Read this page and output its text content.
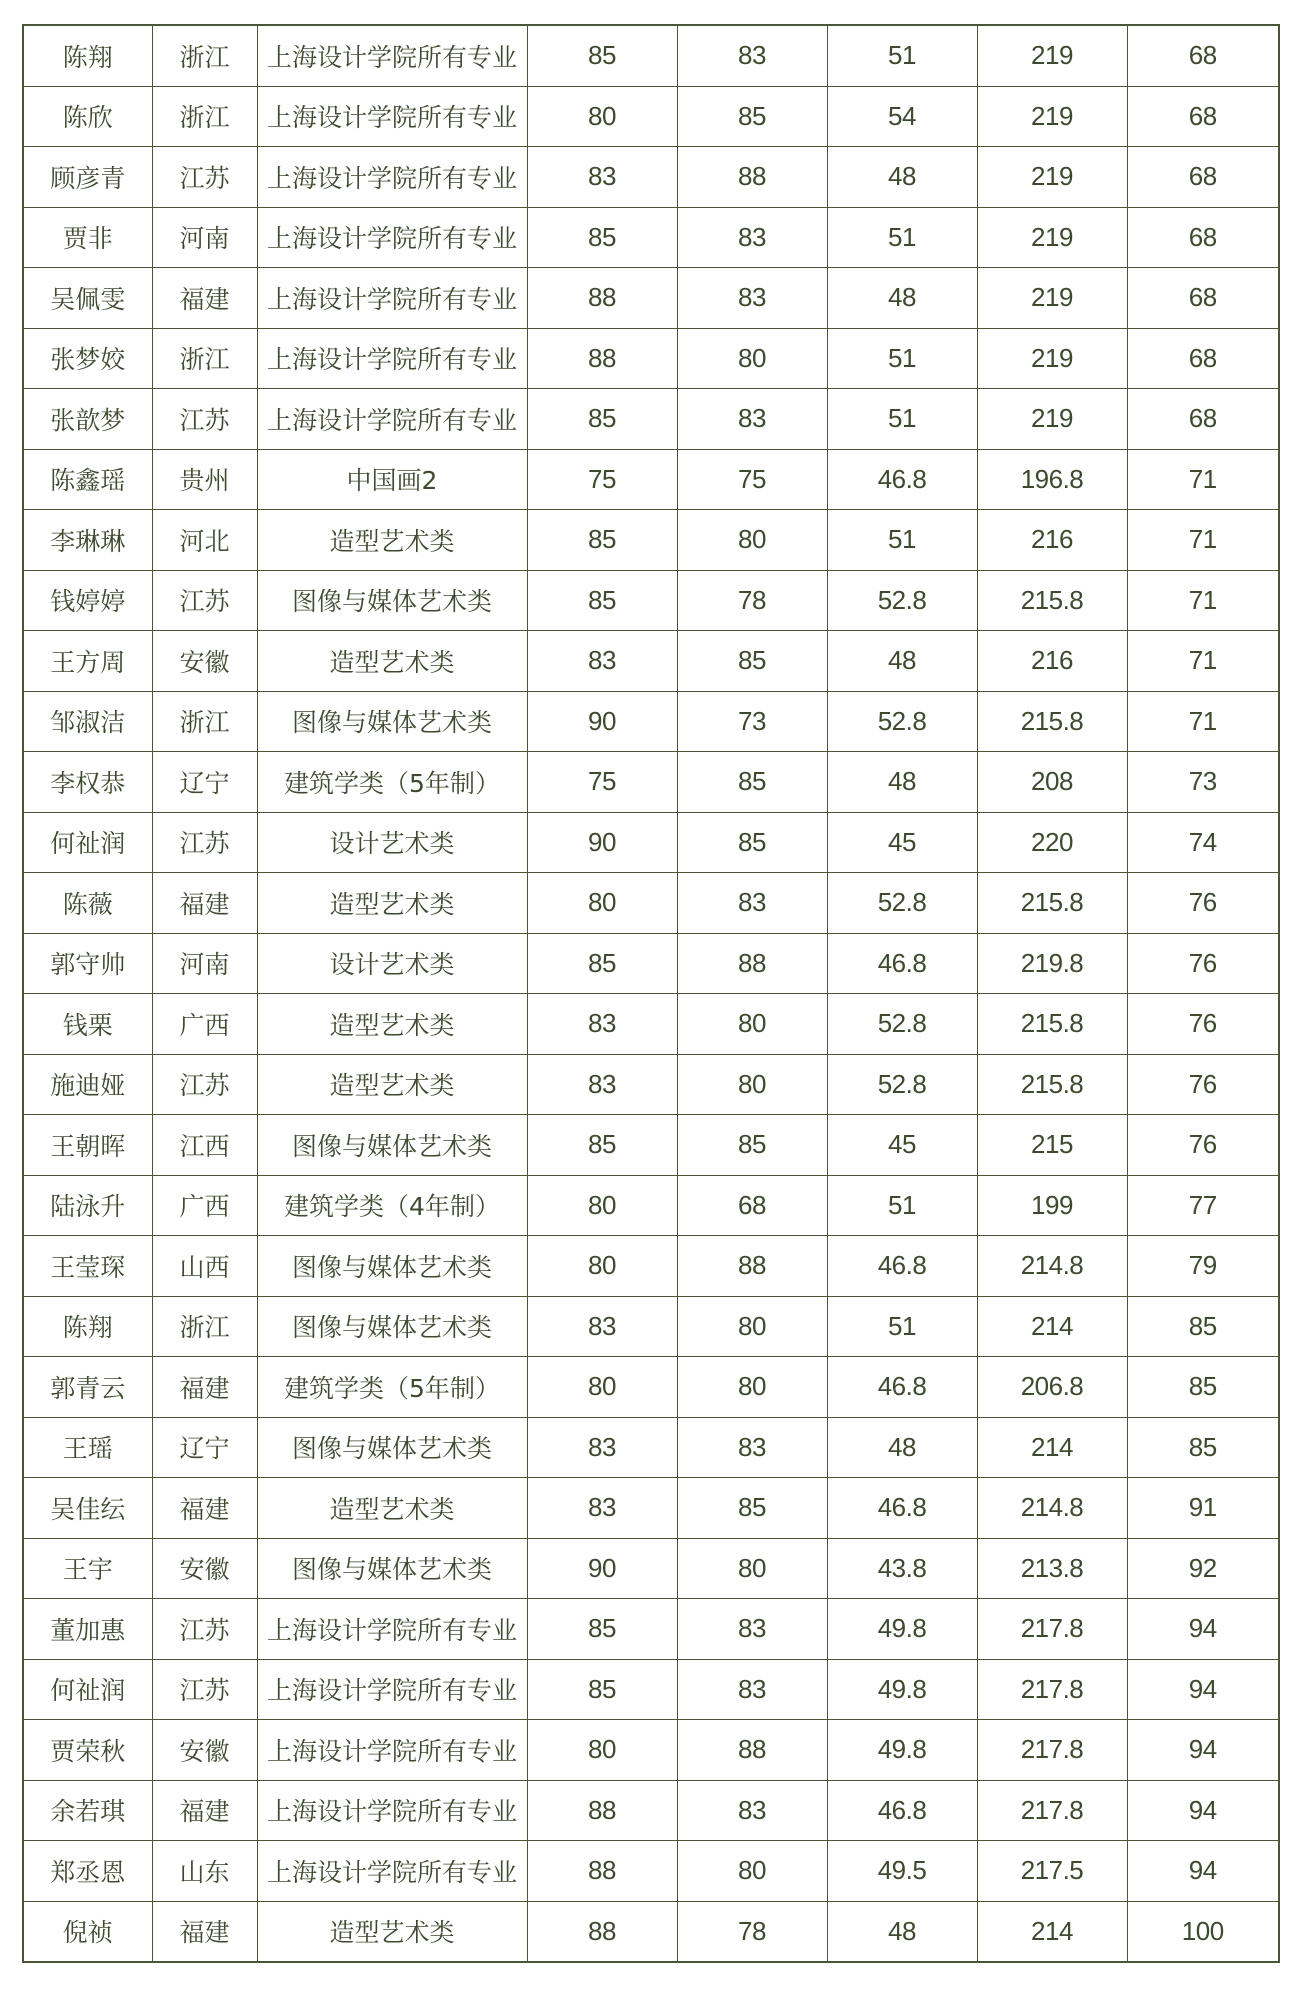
陈翔	浙江	上海设计学院所有专业	85	83	51	219	68
陈欣	浙江	上海设计学院所有专业	80	85	54	219	68
顾彦青	江苏	上海设计学院所有专业	83	88	48	219	68
贾非	河南	上海设计学院所有专业	85	83	51	219	68
吴佩雯	福建	上海设计学院所有专业	88	83	48	219	68
张梦姣	浙江	上海设计学院所有专业	88	80	51	219	68
张歆梦	江苏	上海设计学院所有专业	85	83	51	219	68
陈鑫瑶	贵州	中国画2	75	75	46.8	196.8	71
李琳琳	河北	造型艺术类	85	80	51	216	71
钱婷婷	江苏	图像与媒体艺术类	85	78	52.8	215.8	71
王方周	安徽	造型艺术类	83	85	48	216	71
邹淑洁	浙江	图像与媒体艺术类	90	73	52.8	215.8	71
李权恭	辽宁	建筑学类（5年制）	75	85	48	208	73
何祉润	江苏	设计艺术类	90	85	45	220	74
陈薇	福建	造型艺术类	80	83	52.8	215.8	76
郭守帅	河南	设计艺术类	85	88	46.8	219.8	76
钱栗	广西	造型艺术类	83	80	52.8	215.8	76
施迪娅	江苏	造型艺术类	83	80	52.8	215.8	76
王朝晖	江西	图像与媒体艺术类	85	85	45	215	76
陆泳升	广西	建筑学类（4年制）	80	68	51	199	77
王莹琛	山西	图像与媒体艺术类	80	88	46.8	214.8	79
陈翔	浙江	图像与媒体艺术类	83	80	51	214	85
郭青云	福建	建筑学类（5年制）	80	80	46.8	206.8	85
王瑶	辽宁	图像与媒体艺术类	83	83	48	214	85
吴佳纭	福建	造型艺术类	83	85	46.8	214.8	91
王宇	安徽	图像与媒体艺术类	90	80	43.8	213.8	92
董加惠	江苏	上海设计学院所有专业	85	83	49.8	217.8	94
何祉润	江苏	上海设计学院所有专业	85	83	49.8	217.8	94
贾荣秋	安徽	上海设计学院所有专业	80	88	49.8	217.8	94
余若琪	福建	上海设计学院所有专业	88	83	46.8	217.8	94
郑丞恩	山东	上海设计学院所有专业	88	80	49.5	217.5	94
倪祯	福建	造型艺术类	88	78	48	214	100
